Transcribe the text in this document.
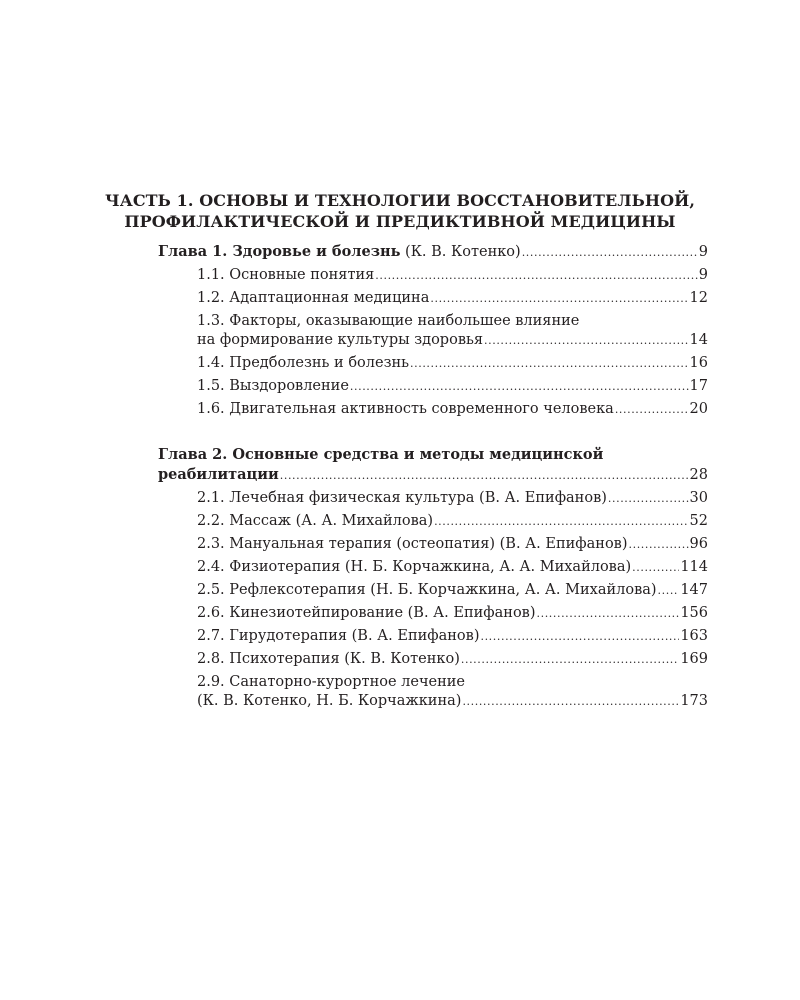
ЧАСТЬ 1. ОСНОВЫ И ТЕХНОЛОГИИ ВОССТАНОВИТЕЛЬНОЙ,
ПРОФИЛАКТИЧЕСКОЙ И ПРЕДИКТИВНОЙ МЕДИЦИНЫ
Глава 1. Здоровье и болезнь (К. В. Котенко) .....	9
1.1. Основные понятия .....	9
1.2. Адаптационная медицина .....	12
1.3. Факторы, оказывающие наибольшее влияние
на формирование культуры здоровья .....	14
1.4. Предболезнь и болезнь .....	16
1.5. Выздоровление .....	17
1.6. Двигательная активность современного человека .....	20
Глава 2. Основные средства и методы медицинской
реабилитации .....	28
2.1. Лечебная физическая культура (В. А. Епифанов) .....	30
2.2. Массаж (А. А. Михайлова) .....	52
2.3. Мануальная терапия (остеопатия) (В. А. Епифанов) .....	96
2.4. Физиотерапия (Н. Б. Корчажкина, А. А. Михайлова) .....	114
2.5. Рефлексотерапия (Н. Б. Корчажкина, А. А. Михайлова) ..... 147
2.6. Кинезиотейпирование (В. А. Епифанов) .....	156
2.7. Гирудотерапия (В. А. Епифанов) .....	163
2.8. Психотерапия (К. В. Котенко) .....	169
2.9. Санаторно-курортное лечение
(К. В. Котенко, Н. Б. Корчажкина) .....	173
